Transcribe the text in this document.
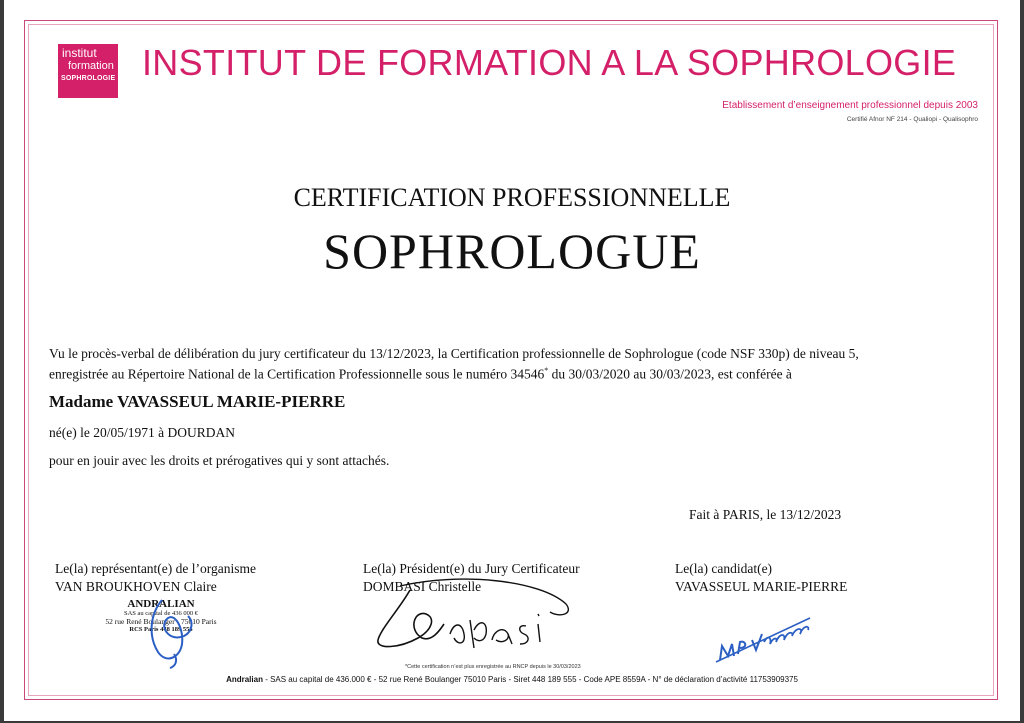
institut
formation
SOPHROLOGIE INSTITUT DE FORMATION A LA SOPHROLOGIE
Etablissement d’enseignement professionnel depuis 2003
Certifié Afnor NF 214 - Qualiopi - Qualisophro
CERTIFICATION PROFESSIONNELLE
SOPHROLOGUE
Vu le procès-verbal de délibération du jury certificateur du 13/12/2023, la Certification professionnelle de Sophrologue (code NSF 330p) de niveau 5,
enregistrée au Répertoire National de la Certification Professionnelle sous le numéro 34546* du 30/03/2020 au 30/03/2023, est conférée à
Madame VAVASSEUL MARIE-PIERRE
né(e) le 20/05/1971 à DOURDAN
pour en jouir avec les droits et prérogatives qui y sont attachés.
Fait à PARIS, le 13/12/2023
Le(la) représentant(e) de l’organisme
VAN BROUKHOVEN Claire
Le(la) Président(e) du Jury Certificateur
DOMBASI Christelle
Le(la) candidat(e)
VAVASSEUL MARIE-PIERRE
ANDRALIAN
SAS au capital de 436 000 €
52 rue René Boulanger - 75010 Paris
RCS Paris 448 189 555
*Cette certification n’est plus enregistrée au RNCP depuis le 30/03/2023
Andralian - SAS au capital de 436.000 € - 52 rue René Boulanger 75010 Paris - Siret 448 189 555 - Code APE 8559A - N° de déclaration d’activité 11753909375
